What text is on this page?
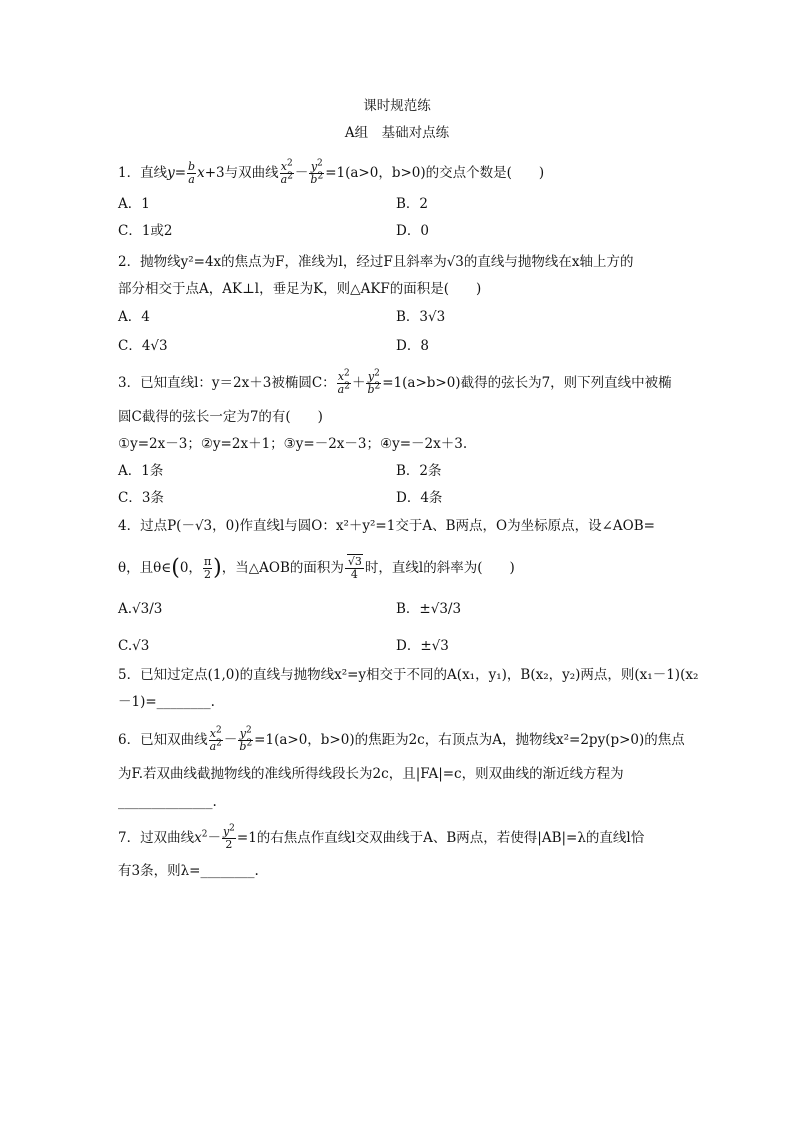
课时规范练
A组　基础对点练
1．直线$y= \frac{b}{a} x+3$与双曲线 $\frac{x^2}{a^2} - \frac{y^2}{b^2} =1(a>0$，b>0)的交点个数是(　　)
A．1	B．2
C．1或2	D．0
2．抛物线y²=4x的焦点为F，准线为l，经过F且斜率为√3的直线与抛物线在x轴上方的
部分相交于点A，AK⊥l，垂足为K，则△AKF的面积是(　　)
A．4	B．3√3
C．4√3	D．8
3．已知直线l：y＝2x＋3被椭圆C： $\frac{x^2}{a^2} + \frac{y^2}{b^2} =1(a>b>0)$截得的弦长为7，则下列直线中被椭
圆C截得的弦长一定为7的有(　　)
①y=2x－3；②y=2x＋1；③y=－2x－3；④y=－2x＋3.
A．1条	B．2条
C．3条	D．4条
4．过点P(－√3，0)作直线l与圆O：x²＋y²=1交于A、B两点，O为坐标原点，设∠AOB=
θ，且θ∈(0， $\frac{\pi}{2}$ )，当△AOB的面积为 $\frac{√3}{4}$ 时，直线l的斜率为(　　)
A.√3/3	B．±√3/3
C.√3	D．±√3
5．已知过定点(1,0)的直线与抛物线x²=y相交于不同的A(x₁，y₁)，B(x₂，y₂)两点，则(x₁－1)(x₂
－1)=________.
6．已知双曲线 $\frac{x^2}{a^2} - \frac{y^2}{b^2} =1(a>0$，b>0)的焦距为2c，右顶点为A，抛物线x²=2py(p>0)的焦点
为F.若双曲线截抛物线的准线所得线段长为2c，且|FA|=c，则双曲线的渐近线方程为
______________.
7．过双曲线$x^2- \frac{y^2}{2} =1$的右焦点作直线l交双曲线于A、B两点，若使得|AB|=λ的直线l恰
有3条，则λ=________.
